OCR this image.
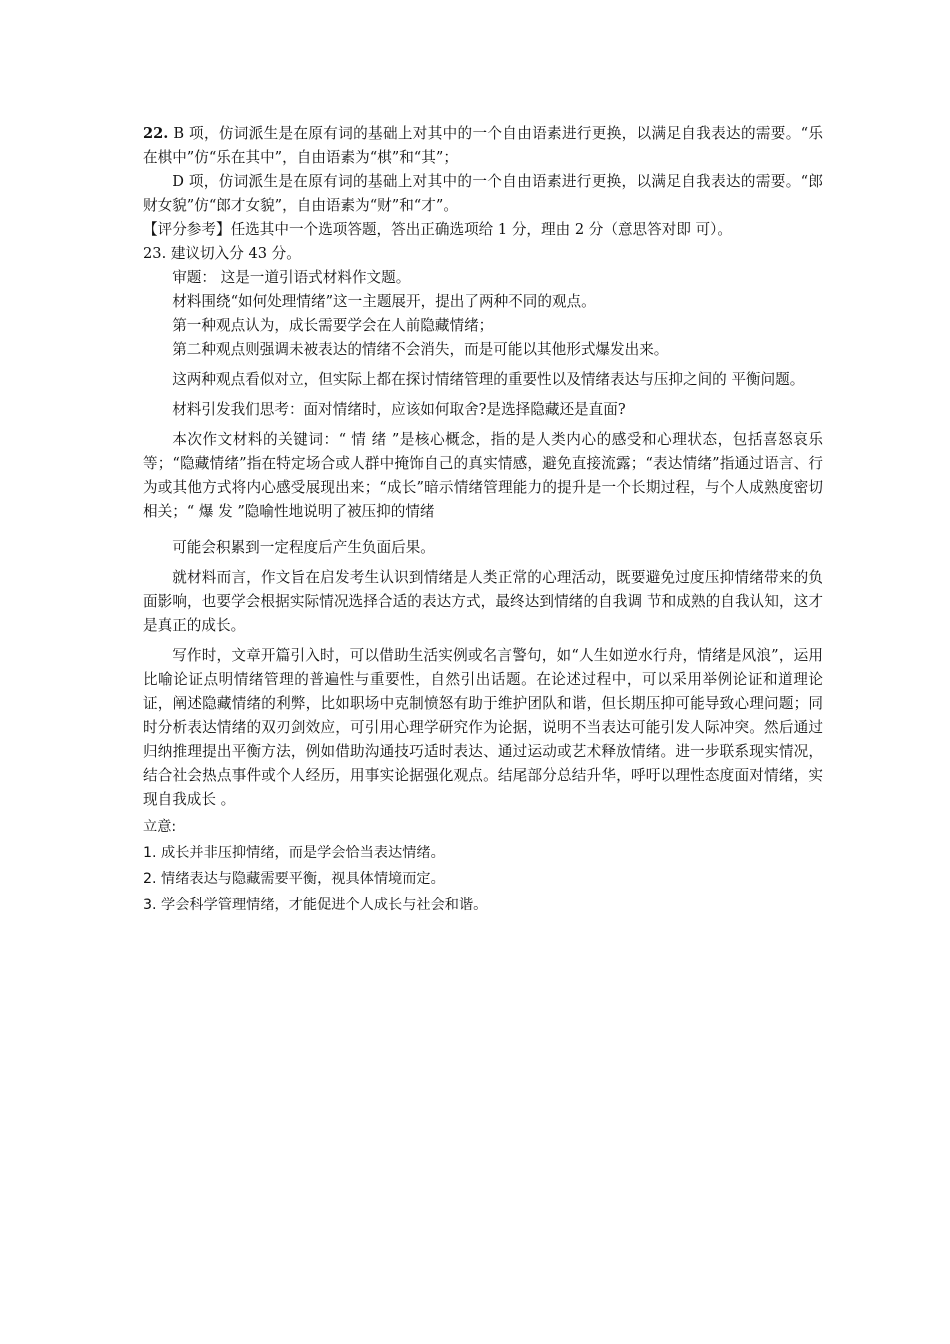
22. B 项，仿词派生是在原有词的基础上对其中的一个自由语素进行更换，以满足自我表达的需要。“乐在棋中”仿“乐在其中”，自由语素为“棋”和“其”；

D 项，仿词派生是在原有词的基础上对其中的一个自由语素进行更换，以满足自我表达的需要。“郎财女貌”仿“郎才女貌”，自由语素为“财”和“才”。

【评分参考】任选其中一个选项答题，答出正确选项给 1 分，理由 2 分（意思答对即 可）。

23. 建议切入分 43 分。

审题： 这是一道引语式材料作文题。

材料围绕“如何处理情绪”这一主题展开，提出了两种不同的观点。

第一种观点认为，成长需要学会在人前隐藏情绪；

第二种观点则强调未被表达的情绪不会消失，而是可能以其他形式爆发出来。

这两种观点看似对立，但实际上都在探讨情绪管理的重要性以及情绪表达与压抑之间的 平衡问题。

材料引发我们思考：面对情绪时，应该如何取舍?是选择隐藏还是直面?

本次作文材料的关键词：“ 情 绪 ”是核心概念，指的是人类内心的感受和心理状态，包括喜怒哀乐等；“隐藏情绪”指在特定场合或人群中掩饰自己的真实情感，避免直接流露；“表达情绪”指通过语言、行为或其他方式将内心感受展现出来；“成长”暗示情绪管理能力的提升是一个长期过程，与个人成熟度密切相关；“ 爆 发 ”隐喻性地说明了被压抑的情绪

可能会积累到一定程度后产生负面后果。

就材料而言，作文旨在启发考生认识到情绪是人类正常的心理活动，既要避免过度压抑情绪带来的负面影响，也要学会根据实际情况选择合适的表达方式，最终达到情绪的自我调 节和成熟的自我认知，这才是真正的成长。

写作时，文章开篇引入时，可以借助生活实例或名言警句，如“人生如逆水行舟，情绪是风浪”，运用比喻论证点明情绪管理的普遍性与重要性，自然引出话题。在论述过程中，可以采用举例论证和道理论证，阐述隐藏情绪的利弊，比如职场中克制愤怒有助于维护团队和谐，但长期压抑可能导致心理问题；同时分析表达情绪的双刃剑效应，可引用心理学研究作为论据，说明不当表达可能引发人际冲突。然后通过归纳推理提出平衡方法，例如借助沟通技巧适时表达、通过运动或艺术释放情绪。进一步联系现实情况，结合社会热点事件或个人经历，用事实论据强化观点。结尾部分总结升华，呼吁以理性态度面对情绪，实现自我成长 。

立意:
1. 成长并非压抑情绪，而是学会恰当表达情绪。
2. 情绪表达与隐藏需要平衡，视具体情境而定。
3. 学会科学管理情绪，才能促进个人成长与社会和谐。
